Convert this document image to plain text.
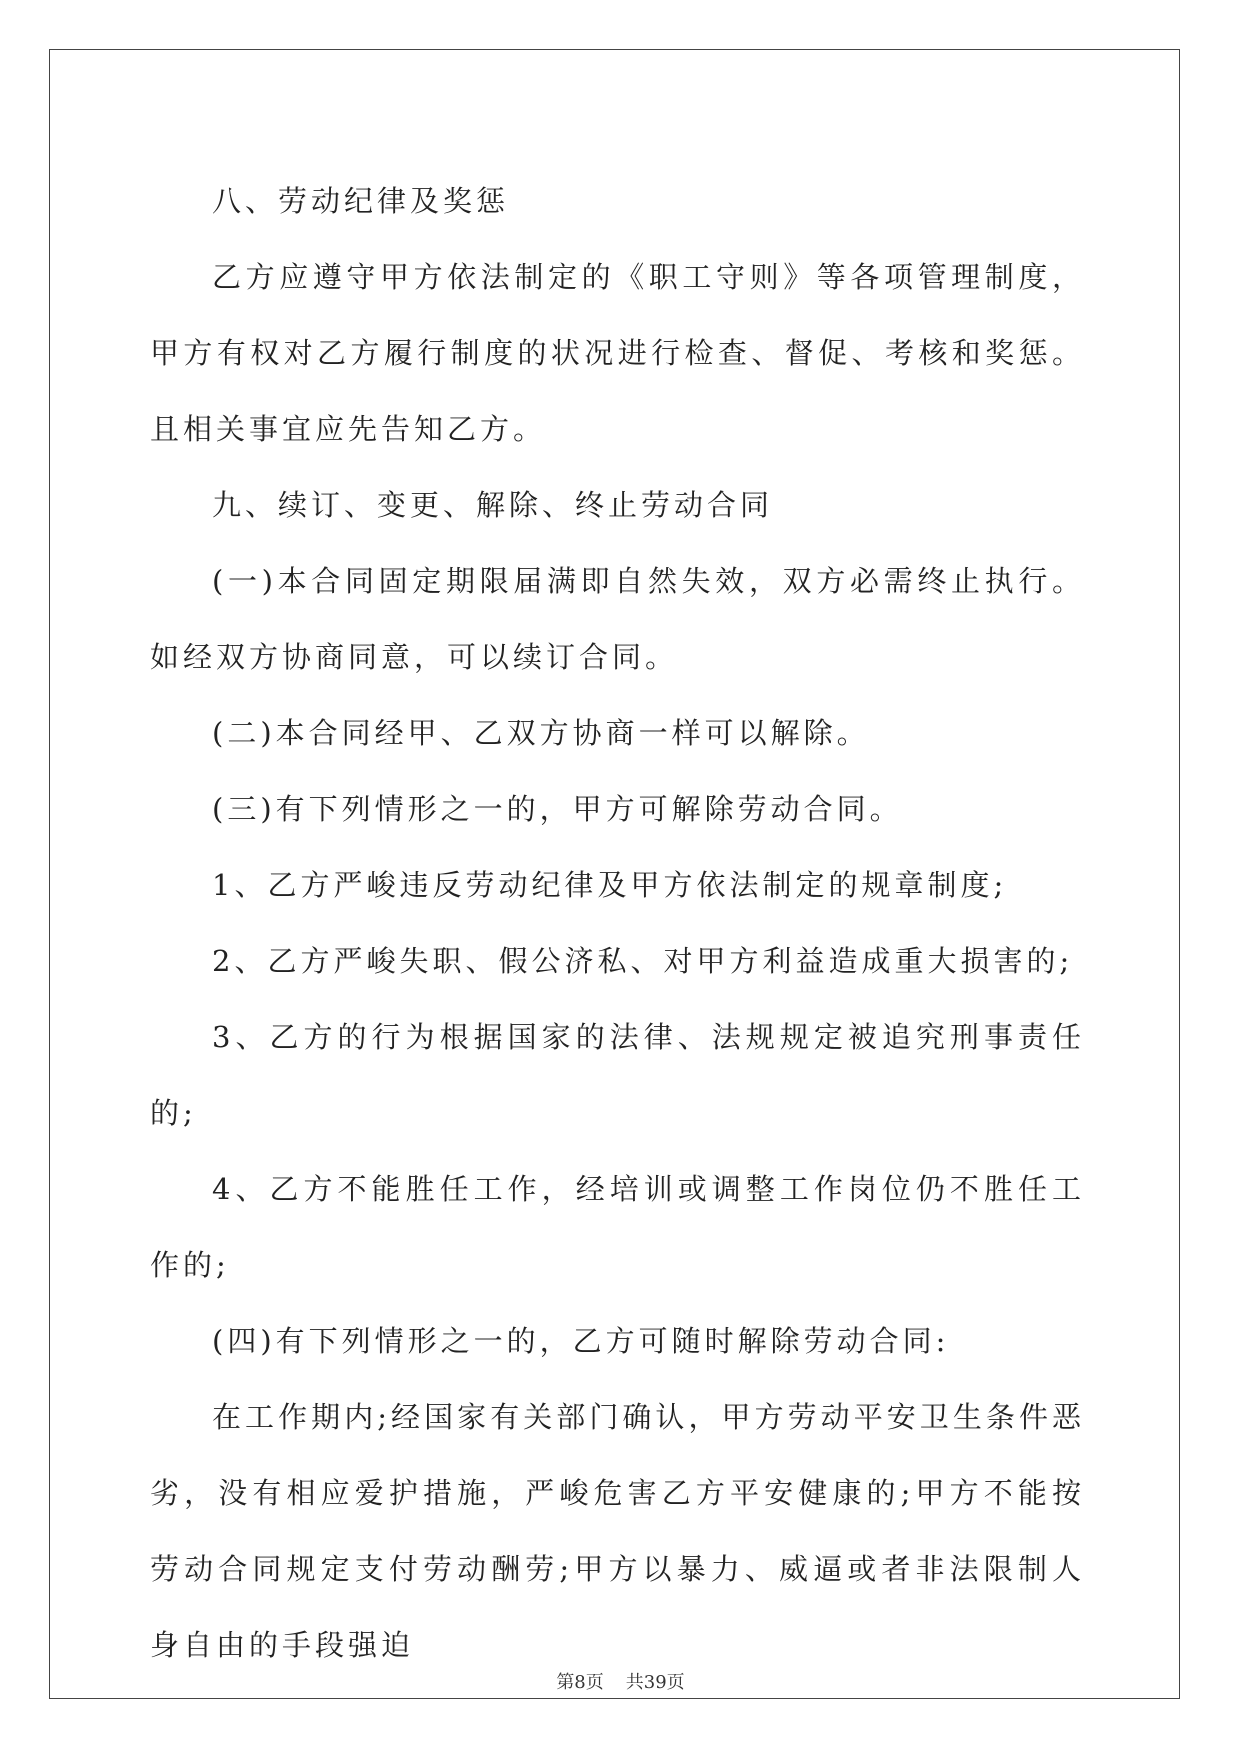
八、劳动纪律及奖惩

乙方应遵守甲方依法制定的《职工守则》等各项管理制度，甲方有权对乙方履行制度的状况进行检查、督促、考核和奖惩。且相关事宜应先告知乙方。

九、续订、变更、解除、终止劳动合同

(一)本合同固定期限届满即自然失效，双方必需终止执行。如经双方协商同意，可以续订合同。

(二)本合同经甲、乙双方协商一样可以解除。

(三)有下列情形之一的，甲方可解除劳动合同。

1、乙方严峻违反劳动纪律及甲方依法制定的规章制度;

2、乙方严峻失职、假公济私、对甲方利益造成重大损害的;

3、乙方的行为根据国家的法律、法规规定被追究刑事责任的;

4、乙方不能胜任工作，经培训或调整工作岗位仍不胜任工作的;

(四)有下列情形之一的，乙方可随时解除劳动合同:

在工作期内;经国家有关部门确认，甲方劳动平安卫生条件恶劣，没有相应爱护措施，严峻危害乙方平安健康的;甲方不能按劳动合同规定支付劳动酬劳;甲方以暴力、威逼或者非法限制人身自由的手段强迫

第8页 共39页
